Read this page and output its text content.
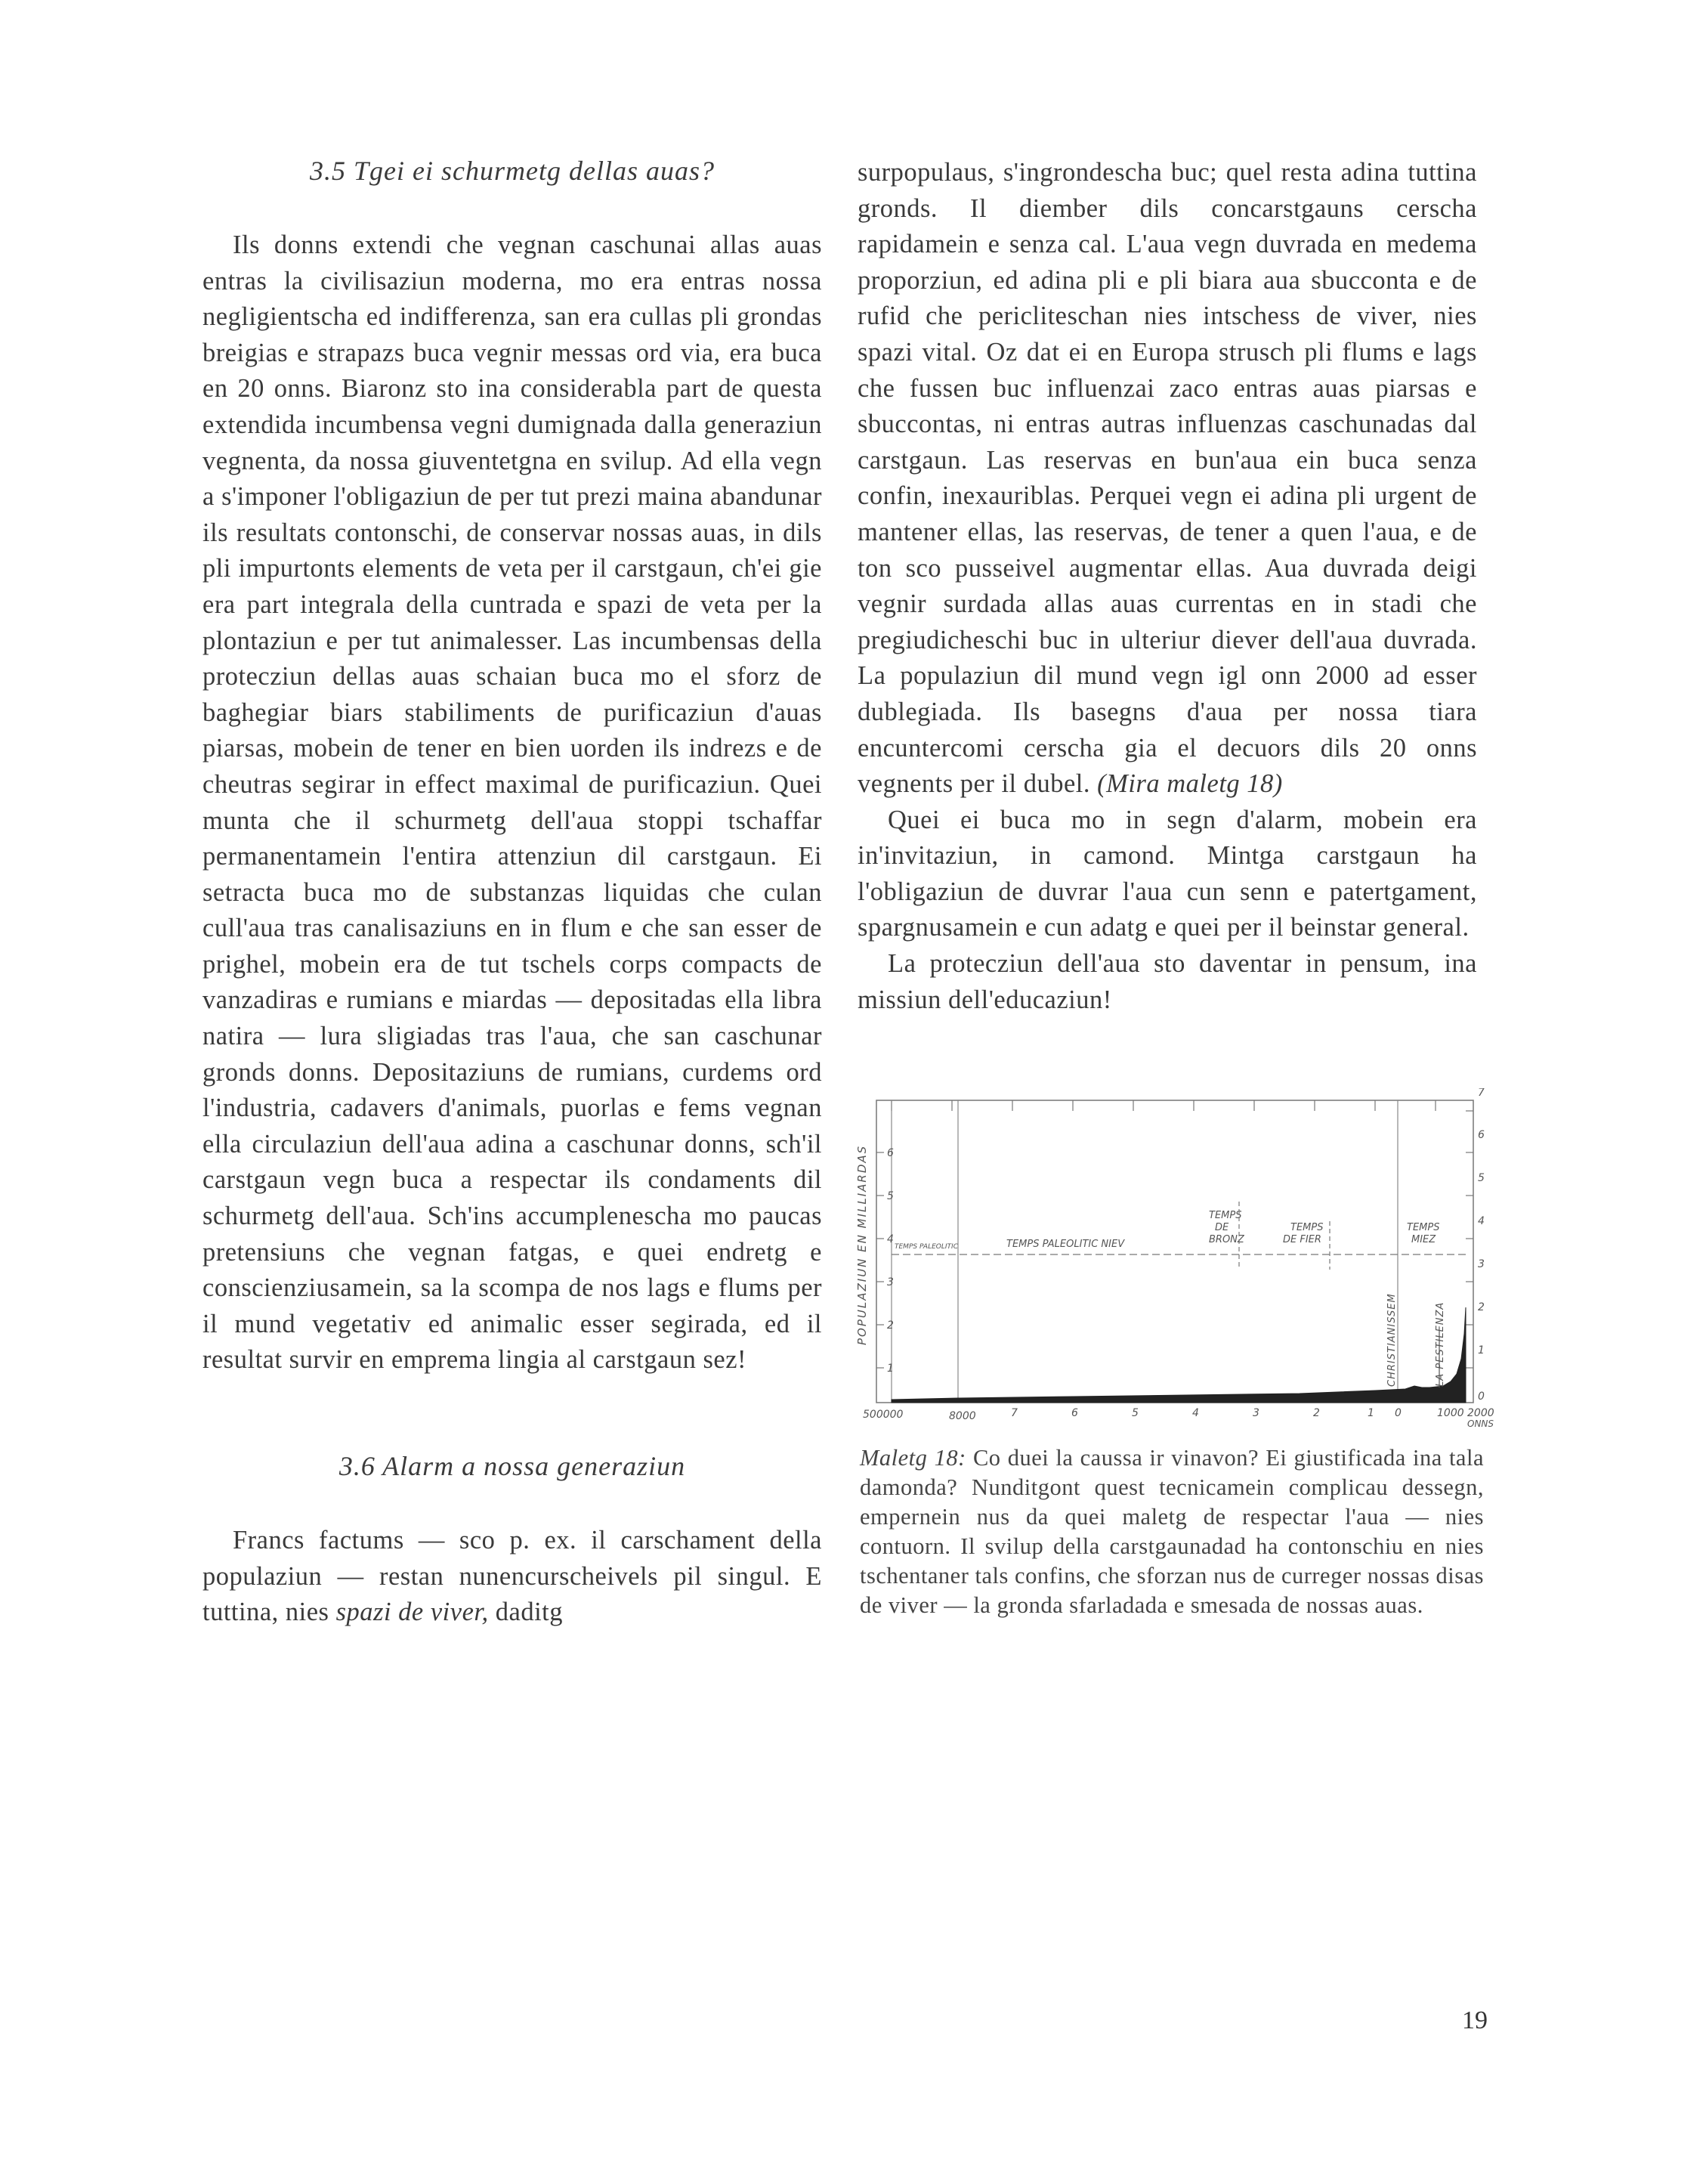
3.5 Tgei ei schurmetg dellas auas?

Ils donns extendi che vegnan caschunai allas auas entras la civilisaziun moderna, mo era entras nossa negligientscha ed indifferenza, san era cullas pli grondas breigias e strapazs buca vegnir messas ord via, era buca en 20 onns. Biaronz sto ina considerabla part de questa extendida incumbensa vegni dumignada dalla generaziun vegnenta, da nossa giuventetgna en svilup. Ad ella vegn a s'imponer l'obligaziun de per tut prezi maina abandunar ils resultats contonschi, de conservar nossas auas, in dils pli impurtonts elements de veta per il carstgaun, ch'ei gie era part integrala della cuntrada e spazi de veta per la plontaziun e per tut animalesser. Las incumbensas della protecziun dellas auas schaian buca mo el sforz de baghegiar biars stabiliments de purificaziun d'auas piarsas, mobein de tener en bien uorden ils indrezs e de cheutras segirar in effect maximal de purificaziun. Quei munta che il schurmetg dell'aua stoppi tschaffar permanentamein l'entira attenziun dil carstgaun. Ei setracta buca mo de substanzas liquidas che culan cull'aua tras canalisaziuns en in flum e che san esser de prighel, mobein era de tut tschels corps compacts de vanzadiras e rumians e miardas — depositadas ella libra natira — lura sligiadas tras l'aua, che san caschunar gronds donns. Depositaziuns de rumians, curdems ord l'industria, cadavers d'animals, puorlas e fems vegnan ella circulaziun dell'aua adina a caschunar donns, sch'il carstgaun vegn buca a respectar ils condaments dil schurmetg dell'aua. Sch'ins accumplenescha mo paucas pretensiuns che vegnan fatgas, e quei endretg e conscienziusamein, sa la scompa de nos lags e flums per il mund vegetativ ed animalic esser segirada, ed il resultat survir en emprema lingia al carstgaun sez!

3.6 Alarm a nossa generaziun

Francs factums — sco p. ex. il carschament della populaziun — restan nunencurscheivels pil singul. E tuttina, nies spazi de viver, daditg

surpopulaus, s'ingrondescha buc; quel resta adina tuttina gronds. Il diember dils concarstgauns cerscha rapidamein e senza cal. L'aua vegn duvrada en medema proporziun, ed adina pli e pli biara aua sbucconta e de rufid che pericliteschan nies intschess de viver, nies spazi vital. Oz dat ei en Europa strusch pli flums e lags che fussen buc influenzai zaco entras auas piarsas e sbuccontas, ni entras autras influenzas caschunadas dal carstgaun. Las reservas en bun'aua ein buca senza confin, inexauriblas. Perquei vegn ei adina pli urgent de mantener ellas, las reservas, de tener a quen l'aua, e de ton sco pusseivel augmentar ellas. Aua duvrada deigi vegnir surdada allas auas currentas en in stadi che pregiudicheschi buc in ulteriur diever dell'aua duvrada. La populaziun dil mund vegn igl onn 2000 ad esser dublegiada. Ils basegns d'aua per nossa tiara encuntercomi cerscha gia el decuors dils 20 onns vegnents per il dubel. (Mira maletg 18)

Quei ei buca mo in segn d'alarm, mobein era in'invitaziun, in camond. Mintga carstgaun ha l'obligaziun de duvrar l'aua cun senn e patertgament, spargnusamein e cun adatg e quei per il beinstar general.

La protecziun dell'aua sto daventar in pensum, ina missiun dell'educaziun!

6
5
4
3
2
1
7
6
5
4
3
2
1
0
POPULAZIUN EN MILLIARDAS	TEMPS PALEOLITIC	TEMPS PALEOLITIC NIEV
TEMPS
DE
BRONZ
TEMPS
DE FIER
TEMPS
MIEZ
CHRISTIANISSEM	LA PESTILENZA
500000	8000	7	6	5	4	3	2	1 0	1000 2000
ONNS
Maletg 18: Co duei la caussa ir vinavon? Ei giustificada ina tala damonda? Nunditgont quest tecnicamein complicau dessegn, empernein nus da quei maletg de respectar l'aua — nies contuorn. Il svilup della carstgaunadad ha contonschiu en nies tschentaner tals confins, che sforzan nus de curreger nossas disas de viver — la gronda sfarladada e smesada de nossas auas.
19
